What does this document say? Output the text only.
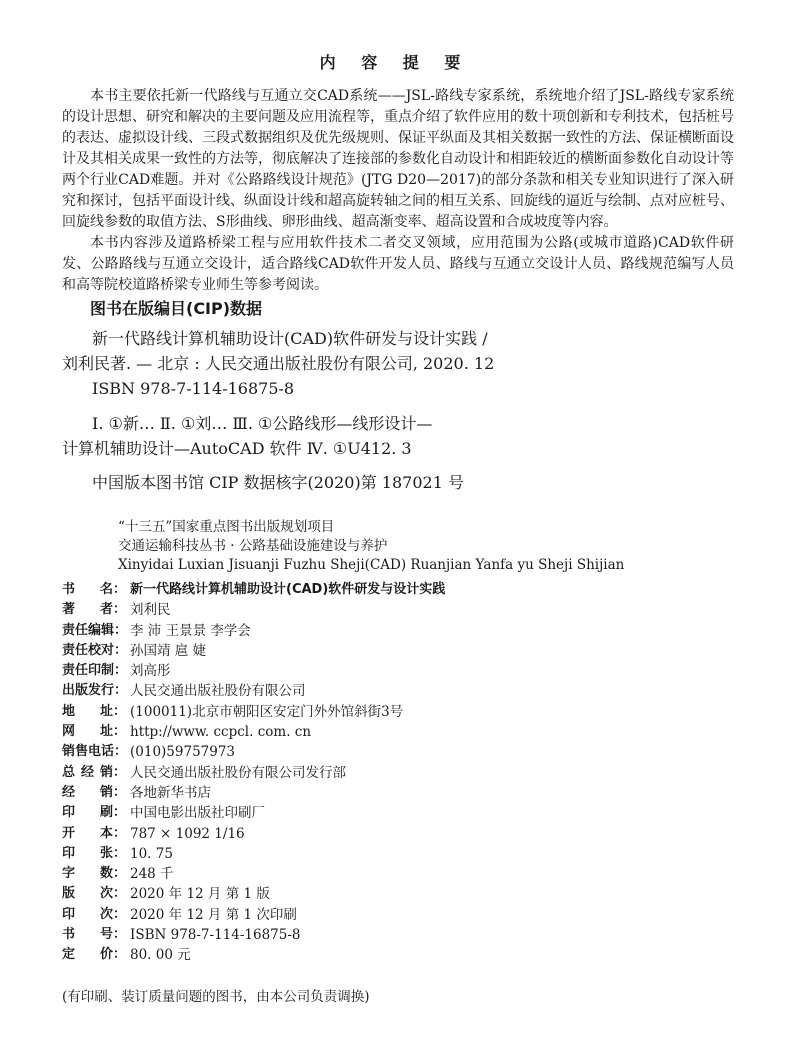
内 容 提 要

本书主要依托新一代路线与互通立交CAD系统——JSL-路线专家系统，系统地介绍了JSL-路线专家系统的设计思想、研究和解决的主要问题及应用流程等，重点介绍了软件应用的数十项创新和专利技术，包括桩号的表达、虚拟设计线、三段式数据组织及优先级规则、保证平纵面及其相关数据一致性的方法、保证横断面设计及其相关成果一致性的方法等，彻底解决了连接部的参数化自动设计和相距较近的横断面参数化自动设计等两个行业CAD难题。并对《公路路线设计规范》(JTG D20—2017)的部分条款和相关专业知识进行了深入研究和探讨，包括平面设计线、纵面设计线和超高旋转轴之间的相互关系、回旋线的逼近与绘制、点对应桩号、回旋线参数的取值方法、S形曲线、卵形曲线、超高渐变率、超高设置和合成坡度等内容。

本书内容涉及道路桥梁工程与应用软件技术二者交叉领域，应用范围为公路(或城市道路)CAD软件研发、公路路线与互通立交设计，适合路线CAD软件开发人员、路线与互通立交设计人员、路线规范编写人员和高等院校道路桥梁专业师生等参考阅读。

图书在版编目(CIP)数据
新一代路线计算机辅助设计(CAD)软件研发与设计实践 /
刘利民著. — 北京 : 人民交通出版社股份有限公司, 2020. 12
ISBN 978-7-114-16875-8
Ⅰ. ①新… Ⅱ. ①刘… Ⅲ. ①公路线形—线形设计—
计算机辅助设计—AutoCAD 软件 Ⅳ. ①U412. 3
中国版本图书馆 CIP 数据核字(2020)第 187021 号
“十三五”国家重点图书出版规划项目
交通运输科技丛书 · 公路基础设施建设与养护
Xinyidai Luxian Jisuanji Fuzhu Sheji(CAD) Ruanjian Yanfa yu Sheji Shijian
书 名： 新一代路线计算机辅助设计(CAD)软件研发与设计实践
著 者： 刘利民
责任编辑： 李 沛 王景景 李学会
责任校对： 孙国靖 扈 婕
责任印制： 刘高彤
出版发行： 人民交通出版社股份有限公司
地 址： (100011)北京市朝阳区安定门外外馆斜街3号
网 址： http://www. ccpcl. com. cn
销售电话： (010)59757973
总 经 销： 人民交通出版社股份有限公司发行部
经 销： 各地新华书店
印 刷： 中国电影出版社印刷厂
开 本： 787 × 1092 1/16
印 张： 10. 75
字 数： 248 千
版 次： 2020 年 12 月 第 1 版
印 次： 2020 年 12 月 第 1 次印刷
书 号： ISBN 978-7-114-16875-8
定 价： 80. 00 元
(有印刷、装订质量问题的图书，由本公司负责调换)
